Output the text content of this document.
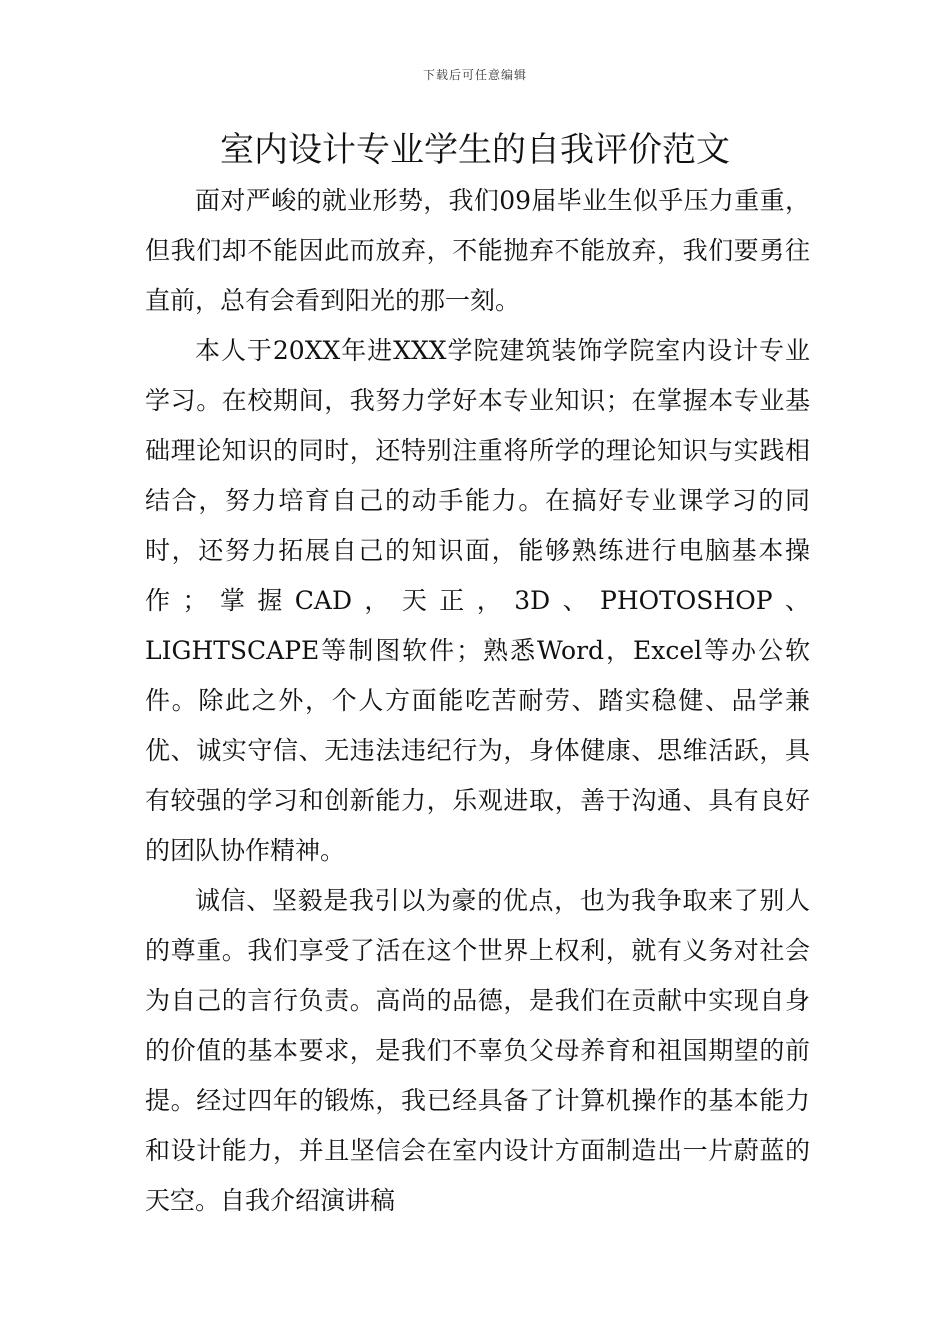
下载后可任意编辑
室内设计专业学生的自我评价范文

面对严峻的就业形势，我们09届毕业生似乎压力重重，但我们却不能因此而放弃，不能抛弃不能放弃，我们要勇往直前，总有会看到阳光的那一刻。

本人于20XX年进XXX学院建筑装饰学院室内设计专业学习。在校期间，我努力学好本专业知识；在掌握本专业基础理论知识的同时，还特别注重将所学的理论知识与实践相结合，努力培育自己的动手能力。在搞好专业课学习的同时，还努力拓展自己的知识面，能够熟练进行电脑基本操作；掌握CAD，天正，3D、PHOTOSHOP、LIGHTSCAPE等制图软件；熟悉Word，Excel等办公软件。除此之外，个人方面能吃苦耐劳、踏实稳健、品学兼优、诚实守信、无违法违纪行为，身体健康、思维活跃，具有较强的学习和创新能力，乐观进取，善于沟通、具有良好的团队协作精神。

诚信、坚毅是我引以为豪的优点，也为我争取来了别人的尊重。我们享受了活在这个世界上权利，就有义务对社会为自己的言行负责。高尚的品德，是我们在贡献中实现自身的价值的基本要求，是我们不辜负父母养育和祖国期望的前提。经过四年的锻炼，我已经具备了计算机操作的基本能力和设计能力，并且坚信会在室内设计方面制造出一片蔚蓝的天空。自我介绍演讲稿
